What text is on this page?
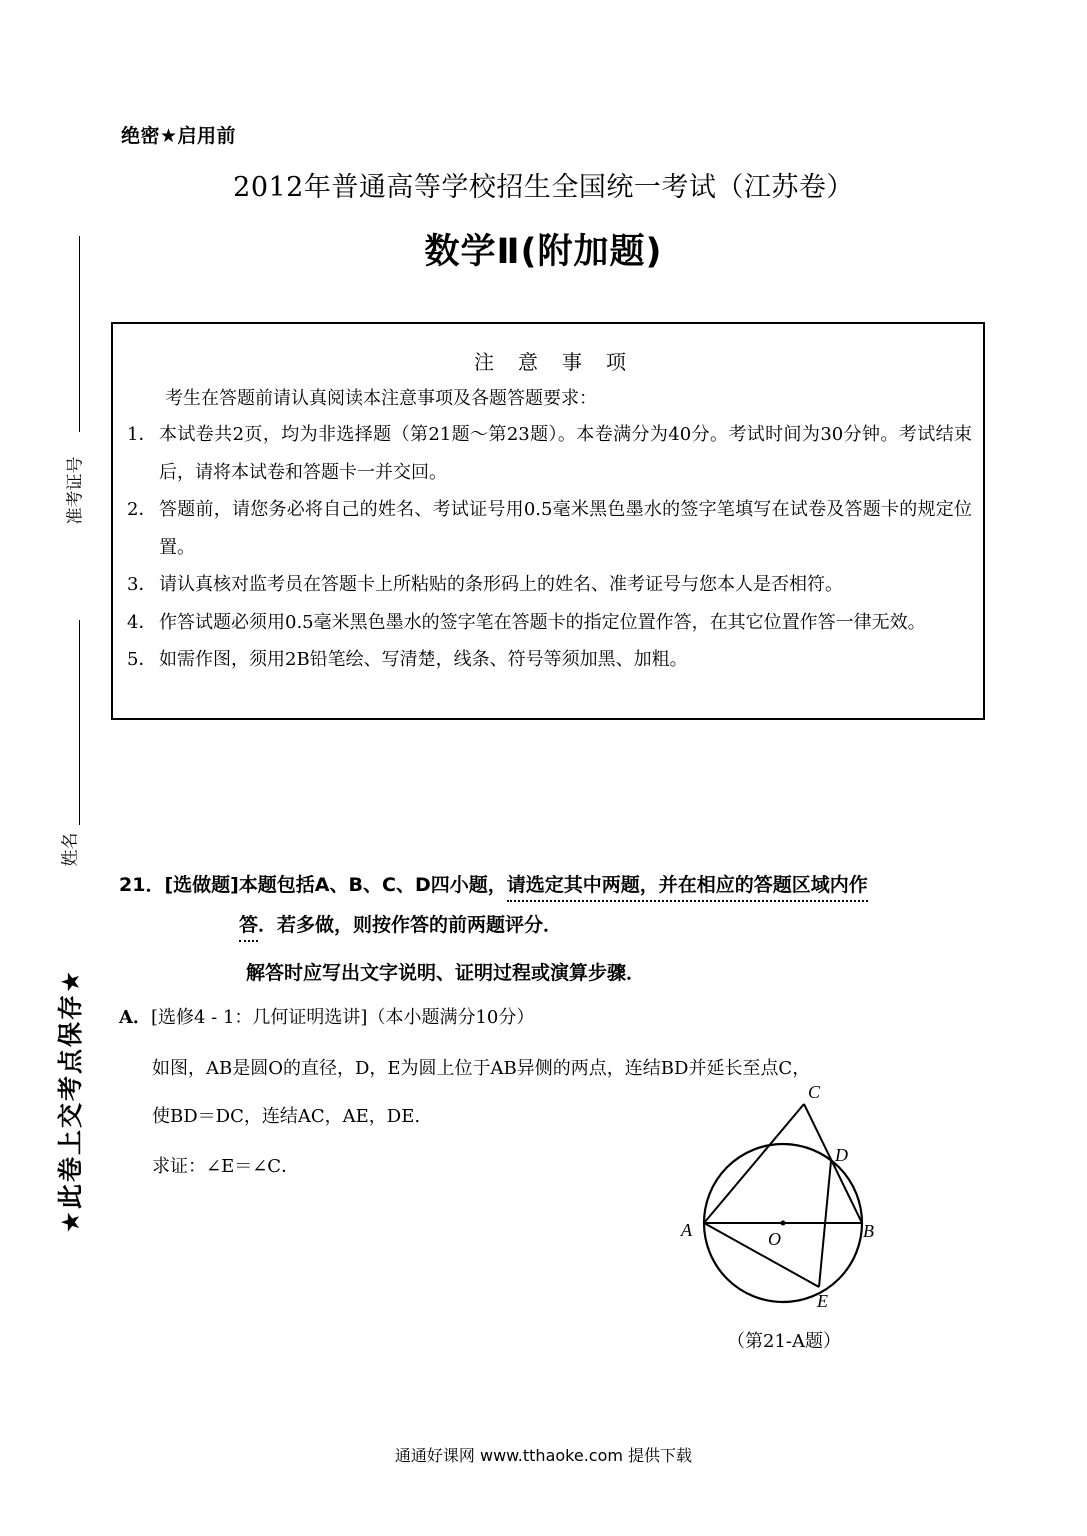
绝密★启用前
2012年普通高等学校招生全国统一考试（江苏卷）
数学Ⅱ(附加题)
准考证号
姓名
★此卷上交考点保存★
注意事项
考生在答题前请认真阅读本注意事项及各题答题要求：
1． 本试卷共2页，均为非选择题（第21题～第23题）。本卷满分为40分。考试时间为30分钟。考试结束后，请将本试卷和答题卡一并交回。
2． 答题前，请您务必将自己的姓名、考试证号用0.5毫米黑色墨水的签字笔填写在试卷及答题卡的规定位置。
3． 请认真核对监考员在答题卡上所粘贴的条形码上的姓名、准考证号与您本人是否相符。
4． 作答试题必须用0.5毫米黑色墨水的签字笔在答题卡的指定位置作答，在其它位置作答一律无效。
5． 如需作图，须用2B铅笔绘、写清楚，线条、符号等须加黑、加粗。
21．[选做题]本题包括A、B、C、D四小题，请选定其中两题，并在相应的答题区域内作
答．若多做，则按作答的前两题评分．
解答时应写出文字说明、证明过程或演算步骤．
A．[选修4 - 1：几何证明选讲]（本小题满分10分）
如图，AB是圆O的直径，D，E为圆上位于AB异侧的两点，连结BD并延长至点C，
使BD＝DC，连结AC，AE，DE.
求证：∠E＝∠C．
C
D
A	O	B
E
（第21-A题）
通通好课网 www.tthaoke.com 提供下载
